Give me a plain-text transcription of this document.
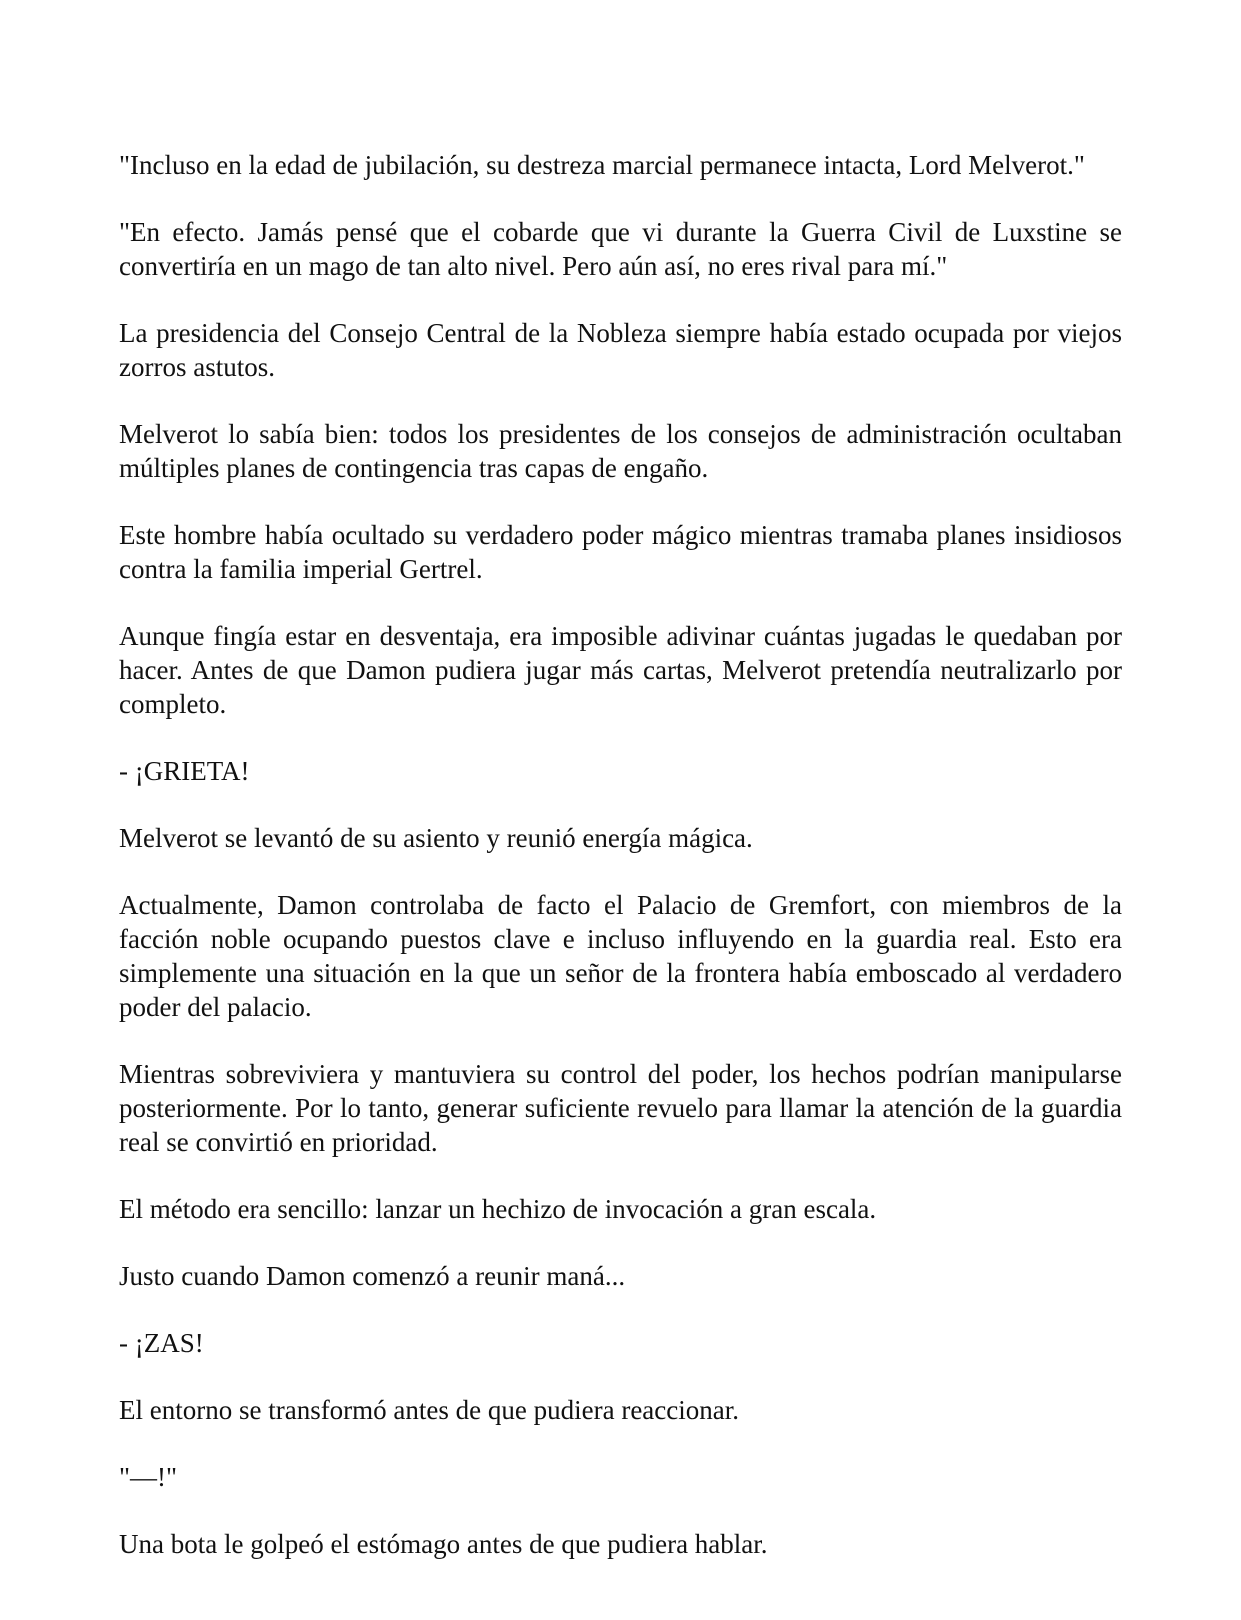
"Incluso en la edad de jubilación, su destreza marcial permanece intacta, Lord Melverot."

"En efecto. Jamás pensé que el cobarde que vi durante la Guerra Civil de Luxstine se convertiría en un mago de tan alto nivel. Pero aún así, no eres rival para mí."

La presidencia del Consejo Central de la Nobleza siempre había estado ocupada por viejos zorros astutos.

Melverot lo sabía bien: todos los presidentes de los consejos de administración ocultaban múltiples planes de contingencia tras capas de engaño.

Este hombre había ocultado su verdadero poder mágico mientras tramaba planes insidiosos contra la familia imperial Gertrel.

Aunque fingía estar en desventaja, era imposible adivinar cuántas jugadas le quedaban por hacer. Antes de que Damon pudiera jugar más cartas, Melverot pretendía neutralizarlo por completo.

- ¡GRIETA!

Melverot se levantó de su asiento y reunió energía mágica.

Actualmente, Damon controlaba de facto el Palacio de Gremfort, con miembros de la facción noble ocupando puestos clave e incluso influyendo en la guardia real. Esto era simplemente una situación en la que un señor de la frontera había emboscado al verdadero poder del palacio.

Mientras sobreviviera y mantuviera su control del poder, los hechos podrían manipularse posteriormente. Por lo tanto, generar suficiente revuelo para llamar la atención de la guardia real se convirtió en prioridad.

El método era sencillo: lanzar un hechizo de invocación a gran escala.

Justo cuando Damon comenzó a reunir maná...

- ¡ZAS!

El entorno se transformó antes de que pudiera reaccionar.

"—!"

Una bota le golpeó el estómago antes de que pudiera hablar.
